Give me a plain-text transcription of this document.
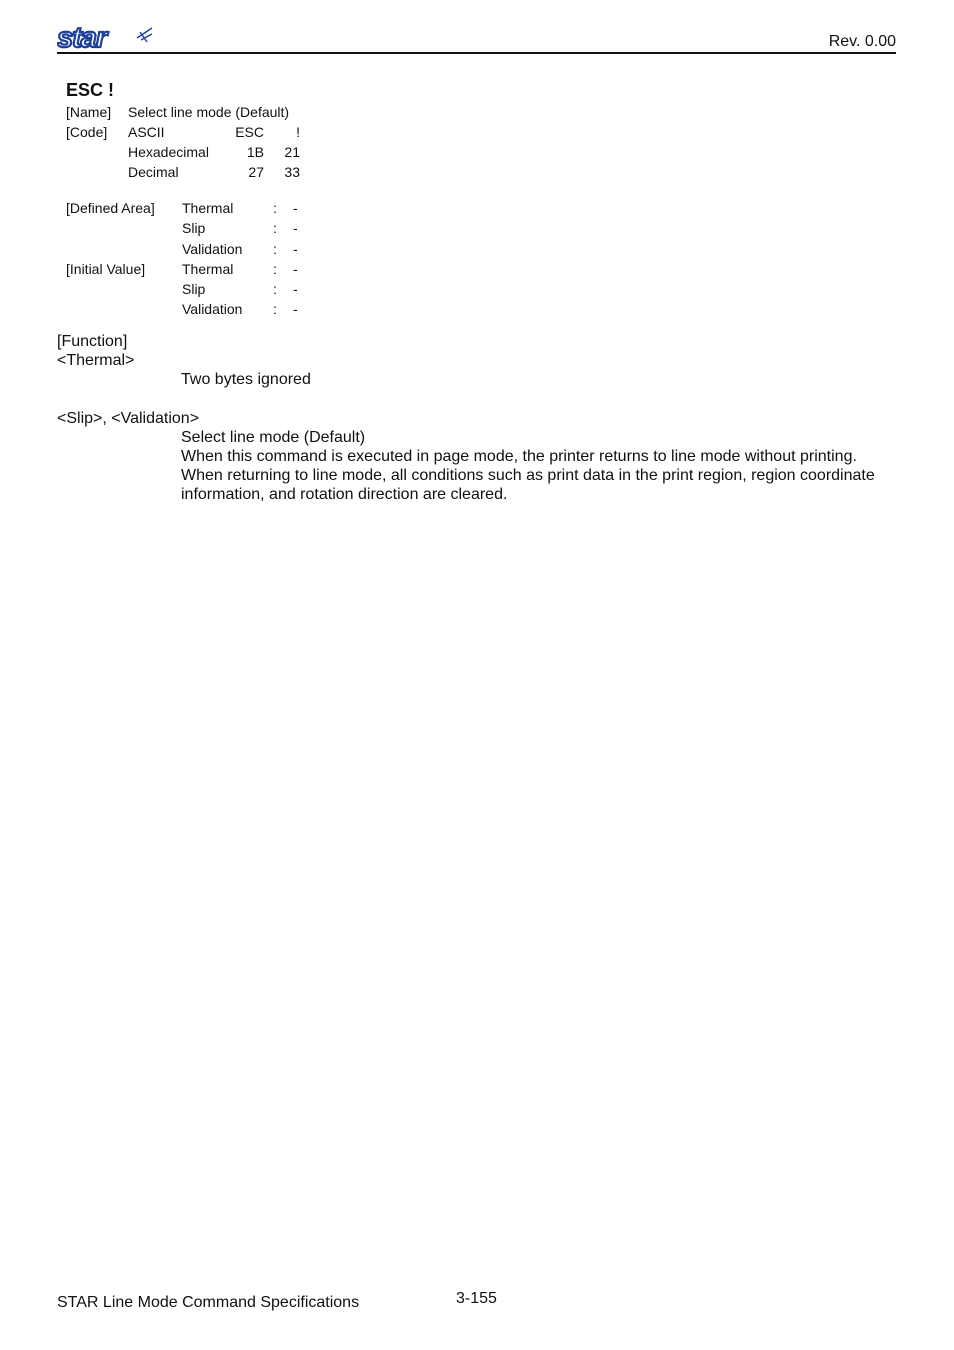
star	Rev. 0.00
ESC !
[Name] Select line mode (Default)
[Code] ASCII	ESC	!
Hexadecimal	1B	21
Decimal	27	33
[Defined Area] Thermal	: -
Slip	: -
Validation : -
[Initial Value]	Thermal	: -
Slip	: -
Validation : -
[Function]
<Thermal>
Two bytes ignored
<Slip>, <Validation>
Select line mode (Default)
When this command is executed in page mode, the printer returns to line mode without printing.
When returning to line mode, all conditions such as print data in the print region, region coordinate
information, and rotation direction are cleared.
STAR Line Mode Command Specifications	3-155
